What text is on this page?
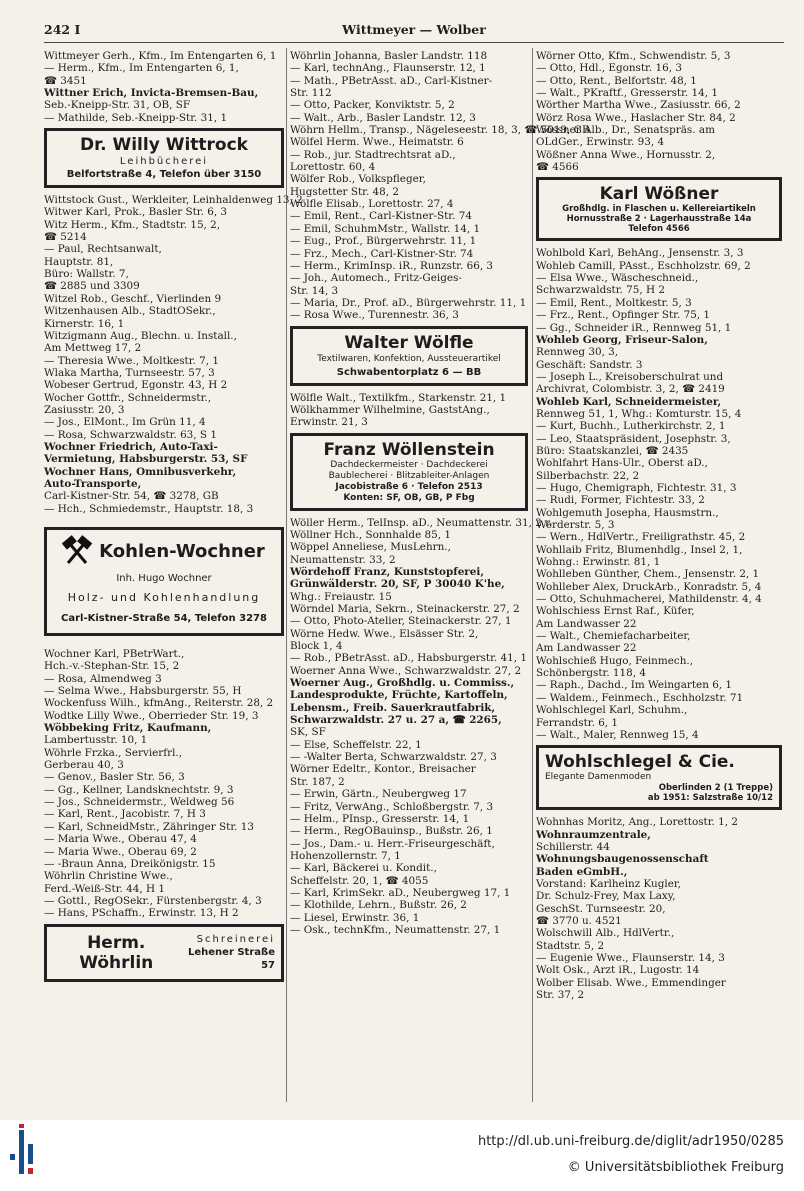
242 I	Wittmeyer — Wolber
Wittmeyer Gerh., Kfm., Im Entengarten 6, 1
— Herm., Kfm., Im Entengarten 6, 1,
☎ 3451
Wittner Erich, Invicta-Bremsen-Bau,
Seb.-Kneipp-Str. 31, OB, SF
— Mathilde, Seb.-Kneipp-Str. 31, 1
Dr. Willy Wittrock
Leihbücherei
Belfortstraße 4, Telefon über 3150
Wittstock Gust., Werkleiter, Leinhaldenweg 13, 2
Witwer Karl, Prok., Basler Str. 6, 3
Witz Herm., Kfm., Stadtstr. 15, 2,
☎ 5214
— Paul, Rechtsanwalt,
Hauptstr. 81,
Büro: Wallstr. 7,
☎ 2885 und 3309
Witzel Rob., Geschf., Vierlinden 9
Witzenhausen Alb., StadtOSekr.,
Kirnerstr. 16, 1
Witzigmann Aug., Blechn. u. Install.,
Am Mettweg 17, 2
— Theresia Wwe., Moltkestr. 7, 1
Wlaka Martha, Turnseestr. 57, 3
Wobeser Gertrud, Egonstr. 43, H 2
Wocher Gottfr., Schneidermstr.,
Zasiusstr. 20, 3
— Jos., ElMont., Im Grün 11, 4
— Rosa, Schwarzwaldstr. 63, S 1
Wochner Friedrich, Auto-Taxi-
Vermietung, Habsburgerstr. 53, SF
Wochner Hans, Omnibusverkehr,
Auto-Transporte,
Carl-Kistner-Str. 54, ☎ 3278, GB
— Hch., Schmiedemstr., Hauptstr. 18, 3
Kohlen-Wochner
Inh. Hugo Wochner
Holz- und Kohlenhandlung
Carl-Kistner-Straße 54, Telefon 3278
Wochner Karl, PBetrWart.,
Hch.-v.-Stephan-Str. 15, 2
— Rosa, Almendweg 3
— Selma Wwe., Habsburgerstr. 55, H
Wockenfuss Wilh., kfmAng., Reiterstr. 28, 2
Wodtke Lilly Wwe., Oberrieder Str. 19, 3
Wöbbeking Fritz, Kaufmann,
Lambertusstr. 10, 1
Wöhrle Frzka., Servierfrl.,
Gerberau 40, 3
— Genov., Basler Str. 56, 3
— Gg., Kellner, Landsknechtstr. 9, 3
— Jos., Schneidermstr., Weldweg 56
— Karl, Rent., Jacobistr. 7, H 3
— Karl, SchneidMstr., Zähringer Str. 13
— Maria Wwe., Oberau 47, 4
— Maria Wwe., Oberau 69, 2
— -Braun Anna, Dreikönigstr. 15
Wöhrlin Christine Wwe.,
Ferd.-Weiß-Str. 44, H 1
— Gottl., RegOSekr., Fürstenbergstr. 4, 3
— Hans, PSchaffn., Erwinstr. 13, H 2
Herm. Wöhrlin
Schreinerei
Lehener Straße 57
Wöhrlin Johanna, Basler Landstr. 118
— Karl, technAng., Flaunserstr. 12, 1
— Math., PBetrAsst. aD., Carl-Kistner-
Str. 112
— Otto, Packer, Konviktstr. 5, 2
— Walt., Arb., Basler Landstr. 12, 3
Wöhrn Hellm., Transp., Nägeleseestr. 18, 3, ☎ 5019, GB
Wölfel Herm. Wwe., Heimatstr. 6
— Rob., jur. Stadtrechtsrat aD.,
Lorettostr. 60, 4
Wölfer Rob., Volkspfleger,
Hugstetter Str. 48, 2
Wölfle Elisab., Lorettostr. 27, 4
— Emil, Rent., Carl-Kistner-Str. 74
— Emil, SchuhmMstr., Wallstr. 14, 1
— Eug., Prof., Bürgerwehrstr. 11, 1
— Frz., Mech., Carl-Kistner-Str. 74
— Herm., KrimInsp. iR., Runzstr. 66, 3
— Joh., Automech., Fritz-Geiges-
Str. 14, 3
— Maria, Dr., Prof. aD., Bürgerwehrstr. 11, 1
— Rosa Wwe., Turennestr. 36, 3
Walter Wölfle
Textilwaren, Konfektion, Aussteuerartikel
Schwabentorplatz 6 — BB
Wölfle Walt., Textilkfm., Starkenstr. 21, 1
Wölkhammer Wilhelmine, GaststAng.,
Erwinstr. 21, 3
Franz Wöllenstein
Dachdeckermeister · Dachdeckerei
Baublecherei · Blitzableiter-Anlagen
Jacobistraße 6 · Telefon 2513
Konten: SF, OB, GB, P Fbg
Wöller Herm., TelInsp. aD., Neumattenstr. 31, 2 r.
Wöllner Hch., Sonnhalde 85, 1
Wöppel Anneliese, MusLehrn.,
Neumattenstr. 33, 2
Wördehoff Franz, Kunststopferei,
Grünwälderstr. 20, SF, P 30040 K'he,
Whg.: Freiaustr. 15
Wörndel Maria, Sekrn., Steinackerstr. 27, 2
— Otto, Photo-Atelier, Steinackerstr. 27, 1
Wörne Hedw. Wwe., Elsässer Str. 2,
Block 1, 4
— Rob., PBetrAsst. aD., Habsburgerstr. 41, 1
Woerner Anna Wwe., Schwarzwaldstr. 27, 2
Woerner Aug., Großhdlg. u. Commiss.,
Landesprodukte, Früchte, Kartoffeln,
Lebensm., Freib. Sauerkrautfabrik,
Schwarzwaldstr. 27 u. 27 a, ☎ 2265,
SK, SF
— Else, Scheffelstr. 22, 1
— -Walter Berta, Schwarzwaldstr. 27, 3
Wörner Edeltr., Kontor., Breisacher
Str. 187, 2
— Erwin, Gärtn., Neubergweg 17
— Fritz, VerwAng., Schloßbergstr. 7, 3
— Helm., PInsp., Gresserstr. 14, 1
— Herm., RegOBauinsp., Bußstr. 26, 1
— Jos., Dam.- u. Herr.-Friseurgeschäft,
Hohenzollernstr. 7, 1
— Karl, Bäckerei u. Kondit.,
Scheffelstr. 20, 1, ☎ 4055
— Karl, KrimSekr. aD., Neubergweg 17, 1
— Klothilde, Lehrn., Bußstr. 26, 2
— Liesel, Erwinstr. 36, 1
— Osk., technKfm., Neumattenstr. 27, 1
Wörner Otto, Kfm., Schwendistr. 5, 3
— Otto, Hdl., Egonstr. 16, 3
— Otto, Rent., Belfortstr. 48, 1
— Walt., PKraftf., Gresserstr. 14, 1
Wörther Martha Wwe., Zasiusstr. 66, 2
Wörz Rosa Wwe., Haslacher Str. 84, 2
Wössner Alb., Dr., Senatspräs. am
OLdGer., Erwinstr. 93, 4
Wößner Anna Wwe., Hornusstr. 2,
☎ 4566
Karl Wößner
Großhdlg. in Flaschen u. Kellereiartikeln
Hornusstraße 2 · Lagerhausstraße 14a
Telefon 4566
Wohlbold Karl, BehAng., Jensenstr. 3, 3
Wohleb Camill, PAsst., Eschholzstr. 69, 2
— Elsa Wwe., Wäscheschneid.,
Schwarzwaldstr. 75, H 2
— Emil, Rent., Moltkestr. 5, 3
— Frz., Rent., Opfinger Str. 75, 1
— Gg., Schneider iR., Rennweg 51, 1
Wohleb Georg, Friseur-Salon,
Rennweg 30, 3,
Geschäft: Sandstr. 3
— Joseph L., Kreisoberschulrat und
Archivrat, Colombistr. 3, 2, ☎ 2419
Wohleb Karl, Schneidermeister,
Rennweg 51, 1, Whg.: Komturstr. 15, 4
— Kurt, Buchh., Lutherkirchstr. 2, 1
— Leo, Staatspräsident, Josephstr. 3,
Büro: Staatskanzlei, ☎ 2435
Wohlfahrt Hans-Ulr., Oberst aD.,
Silberbachstr. 22, 2
— Hugo, Chemigraph, Fichtestr. 31, 3
— Rudi, Former, Fichtestr. 33, 2
Wohlgemuth Josepha, Hausmstrn.,
Werderstr. 5, 3
— Wern., HdlVertr., Freiligrathstr. 45, 2
Wohllaib Fritz, Blumenhdlg., Insel 2, 1,
Wohng.: Erwinstr. 81, 1
Wohlleben Günther, Chem., Jensenstr. 2, 1
Wohlleber Alex, DruckArb., Konradstr. 5, 4
— Otto, Schuhmacherei, Mathildenstr. 4, 4
Wohlschiess Ernst Raf., Küfer,
Am Landwasser 22
— Walt., Chemiefacharbeiter,
Am Landwasser 22
Wohlschieß Hugo, Feinmech.,
Schönbergstr. 118, 4
— Raph., Dachd., Im Weingarten 6, 1
— Waldem., Feinmech., Eschholzstr. 71
Wohlschlegel Karl, Schuhm.,
Ferrandstr. 6, 1
— Walt., Maler, Rennweg 15, 4
Wohlschlegel & Cie.
Elegante Damenmoden
Oberlinden 2 (1 Treppe)
ab 1951: Salzstraße 10/12
Wohnhas Moritz, Ang., Lorettostr. 1, 2
Wohnraumzentrale,
Schillerstr. 44
Wohnungsbaugenossenschaft
Baden eGmbH.,
Vorstand: Karlheinz Kugler,
Dr. Schulz-Frey, Max Laxy,
GeschSt. Turnseestr. 20,
☎ 3770 u. 4521
Wolschwill Alb., HdlVertr.,
Stadtstr. 5, 2
— Eugenie Wwe., Flaunserstr. 14, 3
Wolt Osk., Arzt iR., Lugostr. 14
Wolber Elisab. Wwe., Emmendinger
Str. 37, 2
http://dl.ub.uni-freiburg.de/diglit/adr1950/0285
© Universitätsbibliothek Freiburg
